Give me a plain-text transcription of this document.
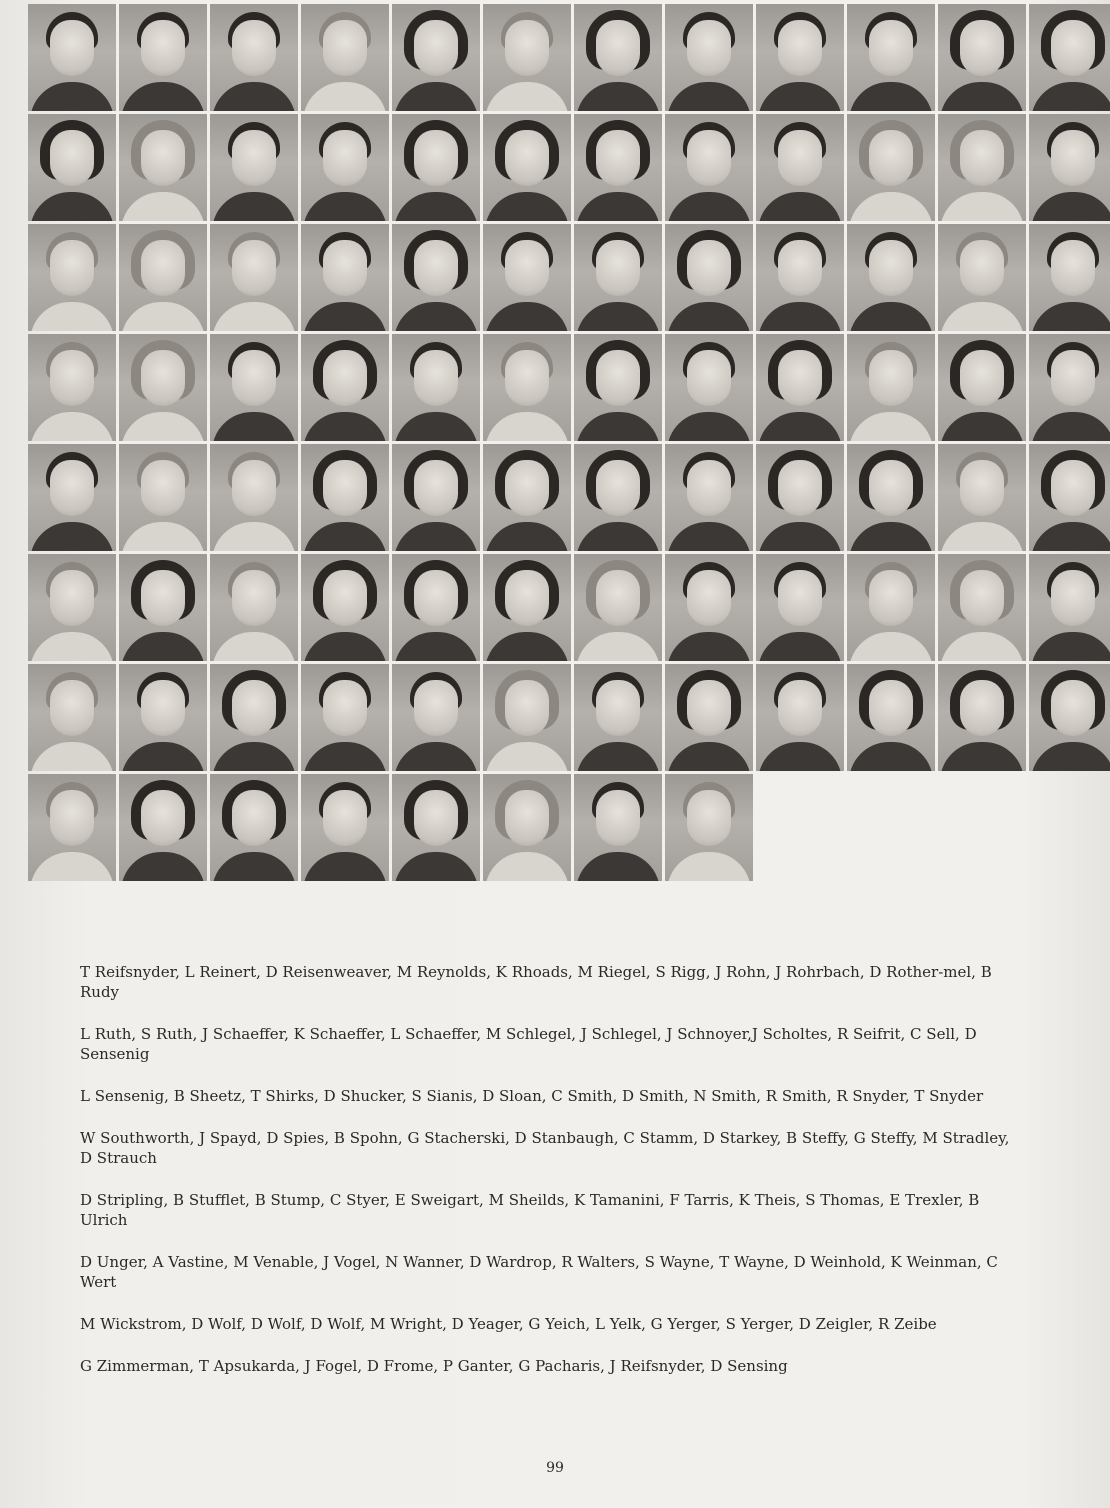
T Reifsnyder, L Reinert, D Reisenweaver, M Reynolds, K Rhoads, M Riegel, S Rigg, J Rohn, J Rohrbach, D Rother-mel, B Rudy

L Ruth, S Ruth, J Schaeffer, K Schaeffer, L Schaeffer, M Schlegel, J Schlegel, J Schnoyer,J Scholtes, R Seifrit, C Sell, D Sensenig

L Sensenig, B Sheetz, T Shirks, D Shucker, S Sianis, D Sloan, C Smith, D Smith, N Smith, R Smith, R Snyder, T Snyder

W Southworth, J Spayd, D Spies, B Spohn, G Stacherski, D Stanbaugh, C Stamm, D Starkey, B Steffy, G Steffy, M Stradley, D Strauch

D Stripling, B Stufflet, B Stump, C Styer, E Sweigart, M Sheilds, K Tamanini, F Tarris, K Theis, S Thomas, E Trexler, B Ulrich

D Unger, A Vastine, M Venable, J Vogel, N Wanner, D Wardrop, R Walters, S Wayne, T Wayne, D Weinhold, K Weinman, C Wert

M Wickstrom, D Wolf, D Wolf, D Wolf, M Wright, D Yeager, G Yeich, L Yelk, G Yerger, S Yerger, D Zeigler, R Zeibe

G Zimmerman, T Apsukarda, J Fogel, D Frome, P Ganter, G Pacharis, J Reifsnyder, D Sensing

99
